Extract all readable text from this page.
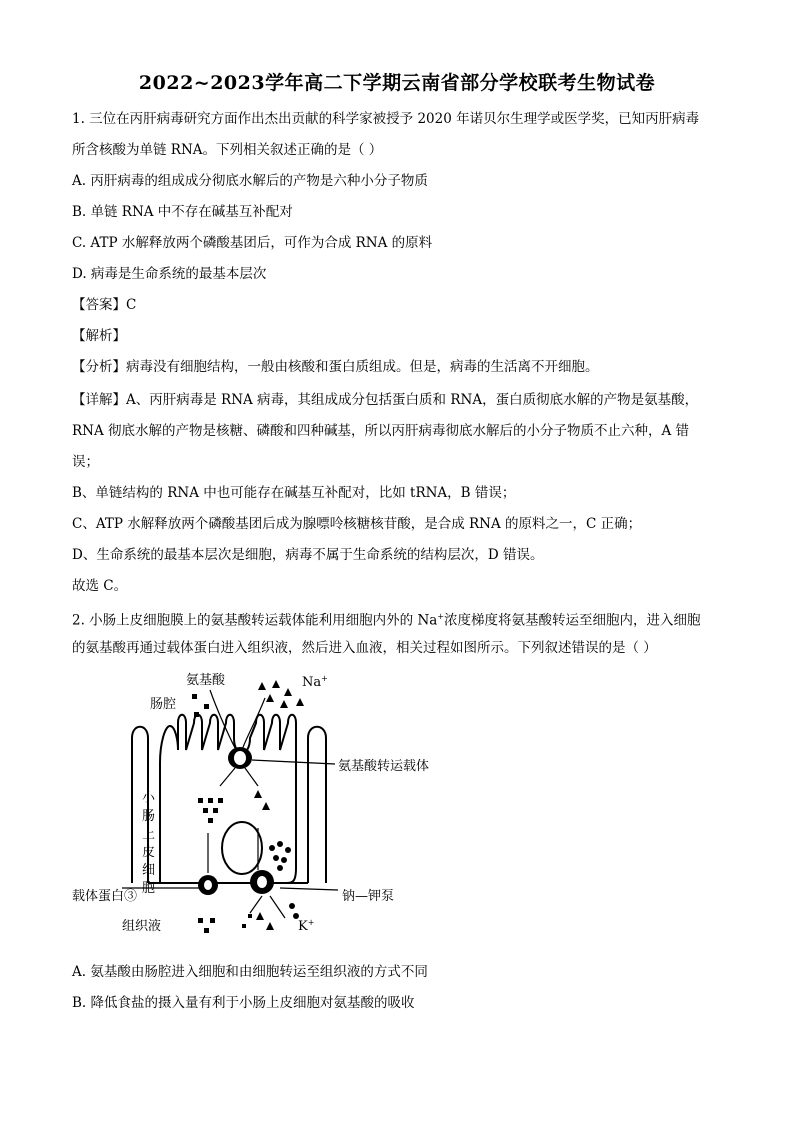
2022~2023学年高二下学期云南省部分学校联考生物试卷
1. 三位在丙肝病毒研究方面作出杰出贡献的科学家被授予 2020 年诺贝尔生理学或医学奖，已知丙肝病毒
所含核酸为单链 RNA。下列相关叙述正确的是（ ）
A. 丙肝病毒的组成成分彻底水解后的产物是六种小分子物质
B. 单链 RNA 中不存在碱基互补配对
C. ATP 水解释放两个磷酸基团后，可作为合成 RNA 的原料
D. 病毒是生命系统的最基本层次
【答案】C
【解析】
【分析】病毒没有细胞结构，一般由核酸和蛋白质组成。但是，病毒的生活离不开细胞。
【详解】A、丙肝病毒是 RNA 病毒，其组成成分包括蛋白质和 RNA，蛋白质彻底水解的产物是氨基酸，
RNA 彻底水解的产物是核糖、磷酸和四种碱基，所以丙肝病毒彻底水解后的小分子物质不止六种，A 错
误；
B、单链结构的 RNA 中也可能存在碱基互补配对，比如 tRNA，B 错误；
C、ATP 水解释放两个磷酸基团后成为腺嘌呤核糖核苷酸，是合成 RNA 的原料之一，C 正确；
D、生命系统的最基本层次是细胞，病毒不属于生命系统的结构层次，D 错误。
故选 C。
2. 小肠上皮细胞膜上的氨基酸转运载体能利用细胞内外的 Na+浓度梯度将氨基酸转运至细胞内，进入细胞
的氨基酸再通过载体蛋白进入组织液，然后进入血液，相关过程如图所示。下列叙述错误的是（ ）
氨基酸	Na+
肠腔
氨基酸转运载体
小
肠
上
皮
细
胞
载体蛋白③	钠—钾泵
组织液	K+
A. 氨基酸由肠腔进入细胞和由细胞转运至组织液的方式不同
B. 降低食盐的摄入量有利于小肠上皮细胞对氨基酸的吸收
